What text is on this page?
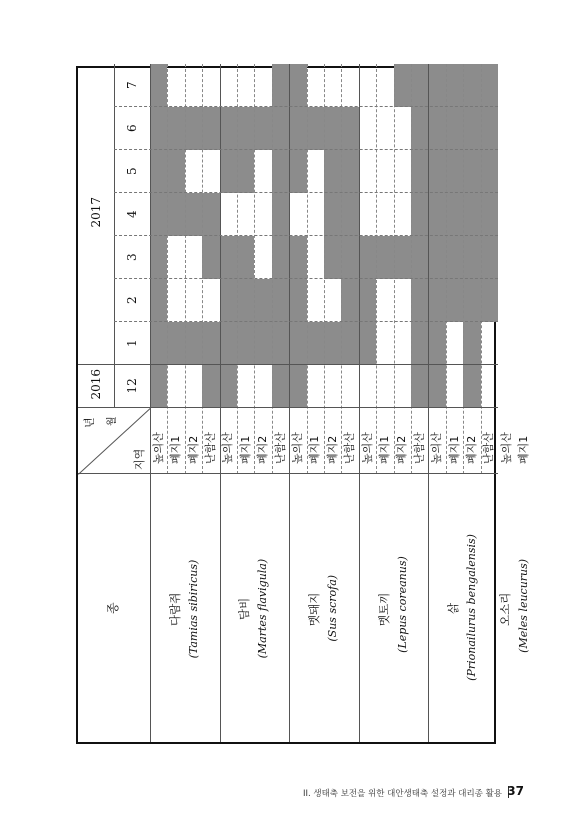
종
년 월
지역
2016
2017
12
1
2
3
4
5
6
7
다람쥐 (Tamias sibiricus)
높의산 폐지1 폐지2 난함산
담비 (Martes flavigula)
높의산 폐지1 폐지2 난함산
멧돼지 (Sus scrofa)
높의산 폐지1 폐지2 난함산
멧토끼 (Lepus coreanus)
높의산 폐지1 폐지2 난함산
삵 (Prionailurus bengalensis)
높의산 폐지1 폐지2 난함산
오소리 (Meles leucurus)
높의산 폐지1
II. 생태축 보전을 위한 대안생태축 설정과 대리종 활용 37
